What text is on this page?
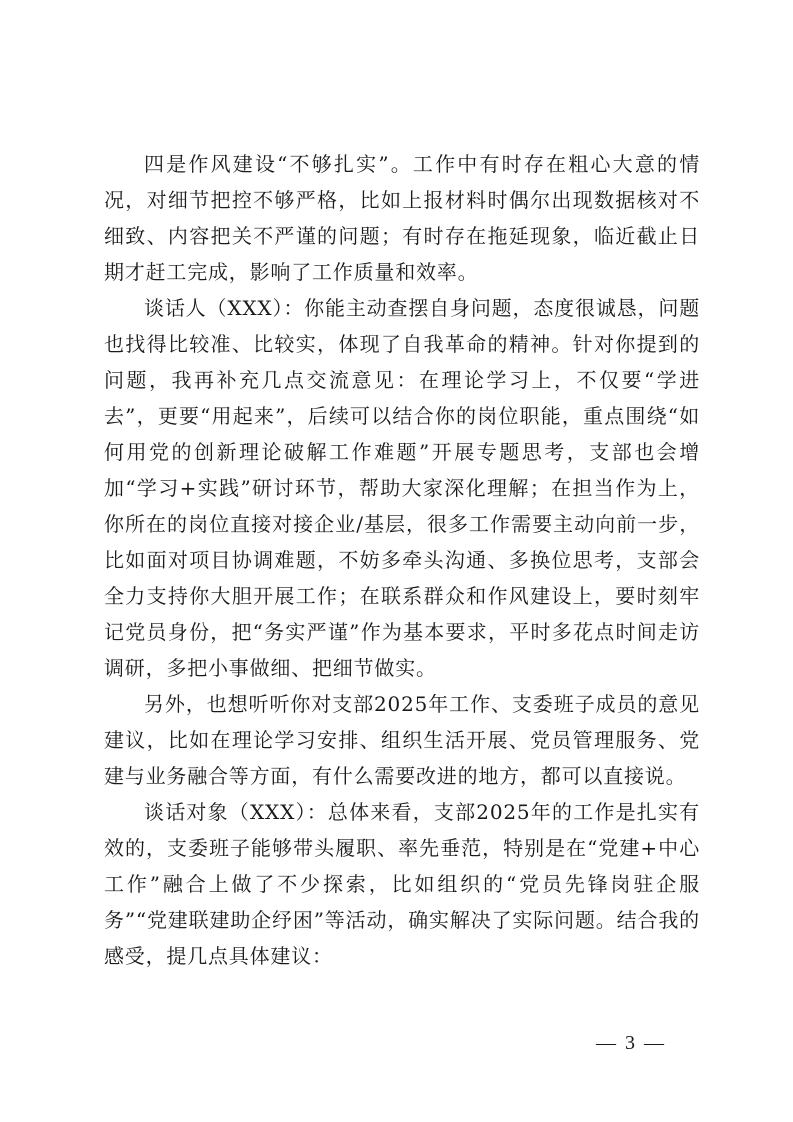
四是作风建设“不够扎实”。工作中有时存在粗心大意的情况，对细节把控不够严格，比如上报材料时偶尔出现数据核对不细致、内容把关不严谨的问题；有时存在拖延现象，临近截止日期才赶工完成，影响了工作质量和效率。

谈话人（XXX）：你能主动查摆自身问题，态度很诚恳，问题也找得比较准、比较实，体现了自我革命的精神。针对你提到的问题，我再补充几点交流意见：在理论学习上，不仅要“学进去”，更要“用起来”，后续可以结合你的岗位职能，重点围绕“如何用党的创新理论破解工作难题”开展专题思考，支部也会增加“学习+实践”研讨环节，帮助大家深化理解；在担当作为上，你所在的岗位直接对接企业/基层，很多工作需要主动向前一步，比如面对项目协调难题，不妨多牵头沟通、多换位思考，支部会全力支持你大胆开展工作；在联系群众和作风建设上，要时刻牢记党员身份，把“务实严谨”作为基本要求，平时多花点时间走访调研，多把小事做细、把细节做实。

另外，也想听听你对支部2025年工作、支委班子成员的意见建议，比如在理论学习安排、组织生活开展、党员管理服务、党建与业务融合等方面，有什么需要改进的地方，都可以直接说。

谈话对象（XXX）：总体来看，支部2025年的工作是扎实有效的，支委班子能够带头履职、率先垂范，特别是在“党建+中心工作”融合上做了不少探索，比如组织的“党员先锋岗驻企服务”“党建联建助企纾困”等活动，确实解决了实际问题。结合我的感受，提几点具体建议：

— 3 —
